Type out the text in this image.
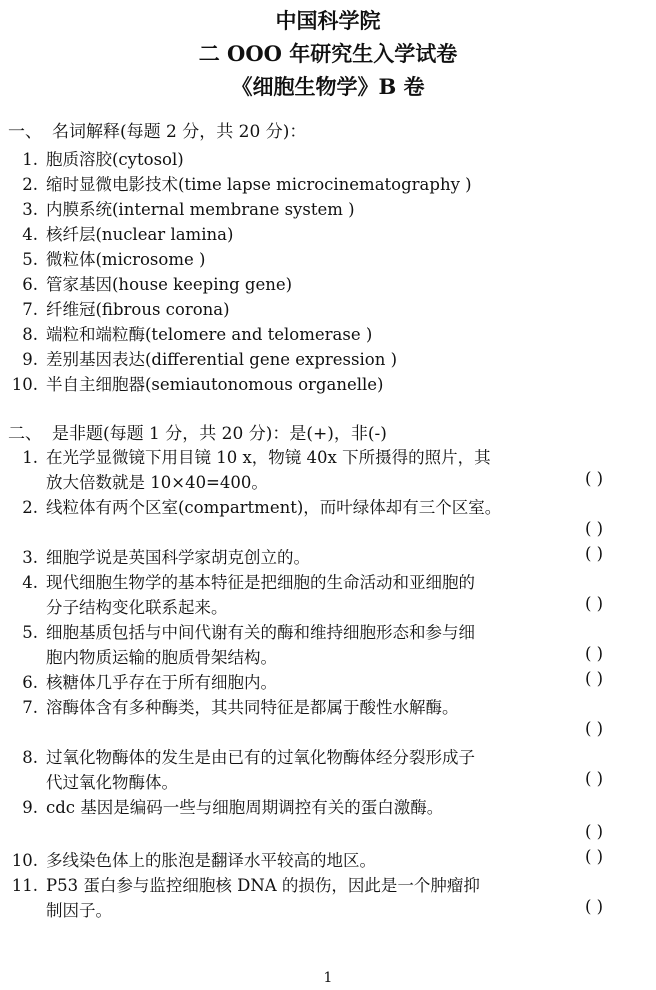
中国科学院
二 OOO 年研究生入学试卷
《细胞生物学》B 卷
一、 名词解释(每题 2 分，共 20 分)：
1. 胞质溶胶(cytosol)
2. 缩时显微电影技术(time lapse microcinematography )
3. 内膜系统(internal membrane system )
4. 核纤层(nuclear lamina)
5. 微粒体(microsome )
6. 管家基因(house keeping gene)
7. 纤维冠(fibrous corona)
8. 端粒和端粒酶(telomere and telomerase )
9. 差别基因表达(differential gene expression )
10. 半自主细胞器(semiautonomous organelle)
二、 是非题(每题 1 分，共 20 分)：是(+)，非(-)
1. 在光学显微镜下用目镜 10 x，物镜 40x 下所摄得的照片，其
放大倍数就是 10×40=400。	( )
2. 线粒体有两个区室(compartment)，而叶绿体却有三个区室。
( )
3. 细胞学说是英国科学家胡克创立的。	( )
4. 现代细胞生物学的基本特征是把细胞的生命活动和亚细胞的
分子结构变化联系起来。	( )
5. 细胞基质包括与中间代谢有关的酶和维持细胞形态和参与细
胞内物质运输的胞质骨架结构。	( )
6. 核糖体几乎存在于所有细胞内。	( )
7. 溶酶体含有多种酶类，其共同特征是都属于酸性水解酶。
( )
8. 过氧化物酶体的发生是由已有的过氧化物酶体经分裂形成子
代过氧化物酶体。	( )
9. cdc 基因是编码一些与细胞周期调控有关的蛋白激酶。
( )
10. 多线染色体上的胀泡是翻译水平较高的地区。	( )
11. P53 蛋白参与监控细胞核 DNA 的损伤，因此是一个肿瘤抑
制因子。	( )
1
